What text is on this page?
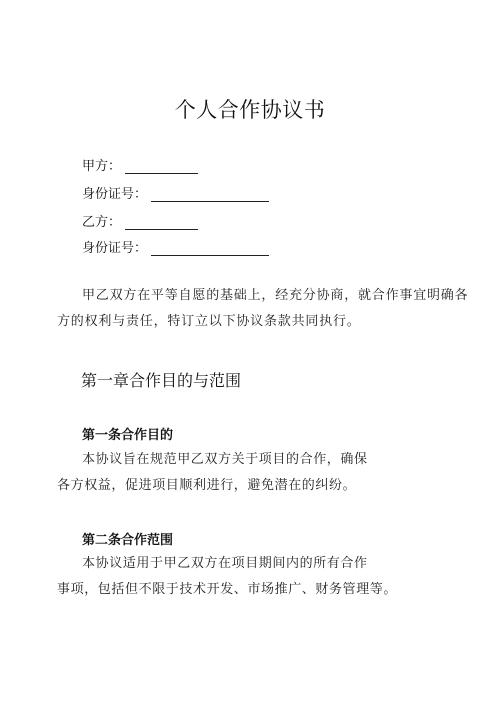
个人合作协议书
甲方：
身份证号：
乙方：
身份证号：
甲乙双方在平等自愿的基础上，经充分协商，就合作事宜明确各
方的权利与责任，特订立以下协议条款共同执行。
第一章合作目的与范围
第一条合作目的
本协议旨在规范甲乙双方关于项目的合作，确保
各方权益，促进项目顺利进行，避免潜在的纠纷。
第二条合作范围
本协议适用于甲乙双方在项目期间内的所有合作
事项，包括但不限于技术开发、市场推广、财务管理等。
